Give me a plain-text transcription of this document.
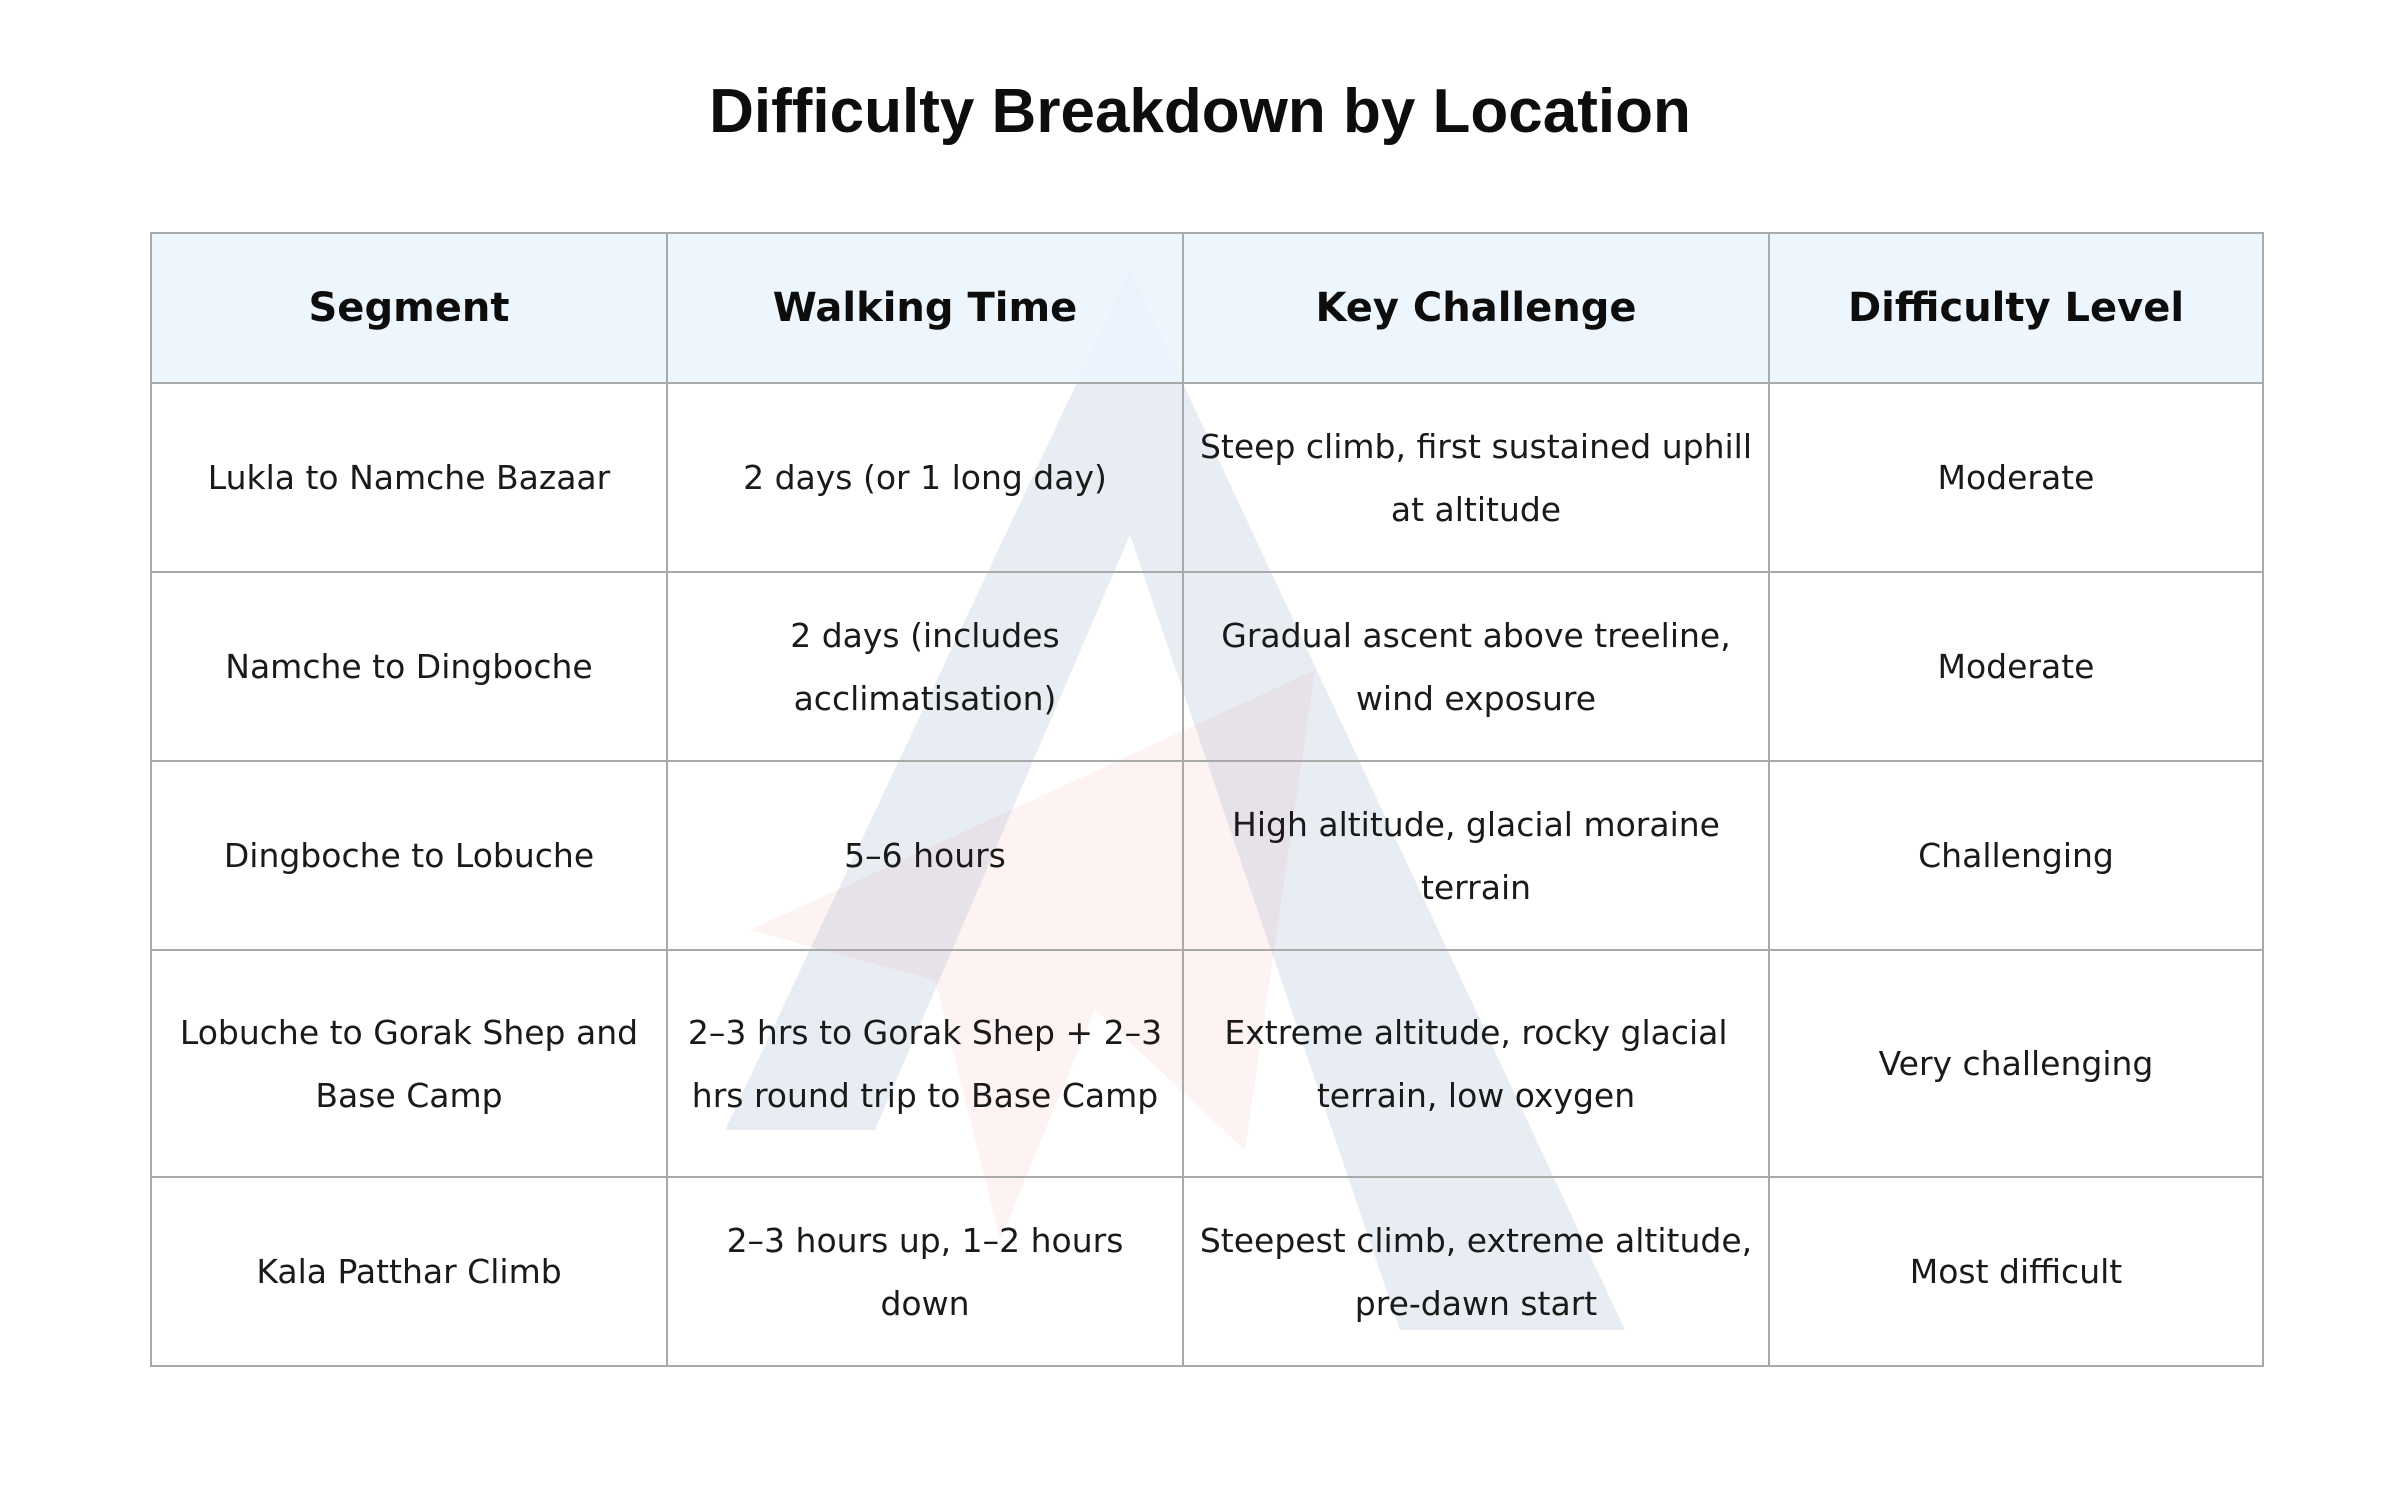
Difficulty Breakdown by Location
Segment	Walking Time	Key Challenge	Difficulty Level
Lukla to Namche Bazaar	2 days (or 1 long day)	Steep climb, first sustained uphill at altitude	Moderate
Namche to Dingboche	2 days (includes acclimatisation)	Gradual ascent above treeline, wind exposure	Moderate
Dingboche to Lobuche	5–6 hours	High altitude, glacial moraine terrain	Challenging
Lobuche to Gorak Shep and Base Camp	2–3 hrs to Gorak Shep + 2–3 hrs round trip to Base Camp	Extreme altitude, rocky glacial terrain, low oxygen	Very challenging
Kala Patthar Climb	2–3 hours up, 1–2 hours down	Steepest climb, extreme altitude, pre-dawn start	Most difficult
